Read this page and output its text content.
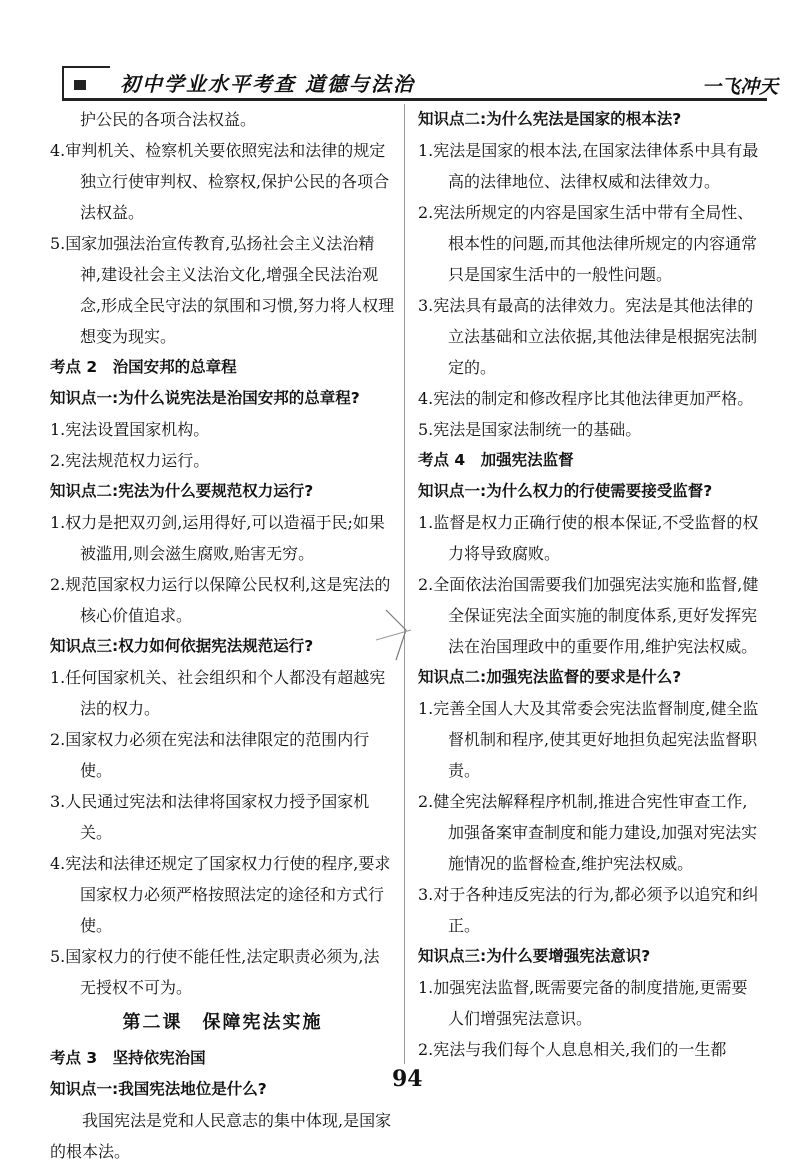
初中学业水平考查 道德与法治	一飞冲天

护公民的各项合法权益。

4.审判机关、检察机关要依照宪法和法律的规定独立行使审判权、检察权,保护公民的各项合法权益。

5.国家加强法治宣传教育,弘扬社会主义法治精神,建设社会主义法治文化,增强全民法治观念,形成全民守法的氛围和习惯,努力将人权理想变为现实。

考点 2　治国安邦的总章程

知识点一:为什么说宪法是治国安邦的总章程?

1.宪法设置国家机构。

2.宪法规范权力运行。

知识点二:宪法为什么要规范权力运行?

1.权力是把双刃剑,运用得好,可以造福于民;如果被滥用,则会滋生腐败,贻害无穷。

2.规范国家权力运行以保障公民权利,这是宪法的核心价值追求。

知识点三:权力如何依据宪法规范运行?

1.任何国家机关、社会组织和个人都没有超越宪法的权力。

2.国家权力必须在宪法和法律限定的范围内行使。

3.人民通过宪法和法律将国家权力授予国家机关。

4.宪法和法律还规定了国家权力行使的程序,要求国家权力必须严格按照法定的途径和方式行使。

5.国家权力的行使不能任性,法定职责必须为,法无授权不可为。

第二课　保障宪法实施

考点 3　坚持依宪治国

知识点一:我国宪法地位是什么?

我国宪法是党和人民意志的集中体现,是国家的根本法。

知识点二:为什么宪法是国家的根本法?

1.宪法是国家的根本法,在国家法律体系中具有最高的法律地位、法律权威和法律效力。

2.宪法所规定的内容是国家生活中带有全局性、根本性的问题,而其他法律所规定的内容通常只是国家生活中的一般性问题。

3.宪法具有最高的法律效力。宪法是其他法律的立法基础和立法依据,其他法律是根据宪法制定的。

4.宪法的制定和修改程序比其他法律更加严格。

5.宪法是国家法制统一的基础。

考点 4　加强宪法监督

知识点一:为什么权力的行使需要接受监督?

1.监督是权力正确行使的根本保证,不受监督的权力将导致腐败。

2.全面依法治国需要我们加强宪法实施和监督,健全保证宪法全面实施的制度体系,更好发挥宪法在治国理政中的重要作用,维护宪法权威。

知识点二:加强宪法监督的要求是什么?

1.完善全国人大及其常委会宪法监督制度,健全监督机制和程序,使其更好地担负起宪法监督职责。

2.健全宪法解释程序机制,推进合宪性审查工作,加强备案审查制度和能力建设,加强对宪法实施情况的监督检查,维护宪法权威。

3.对于各种违反宪法的行为,都必须予以追究和纠正。

知识点三:为什么要增强宪法意识?

1.加强宪法监督,既需要完备的制度措施,更需要人们增强宪法意识。

2.宪法与我们每个人息息相关,我们的一生都

94
